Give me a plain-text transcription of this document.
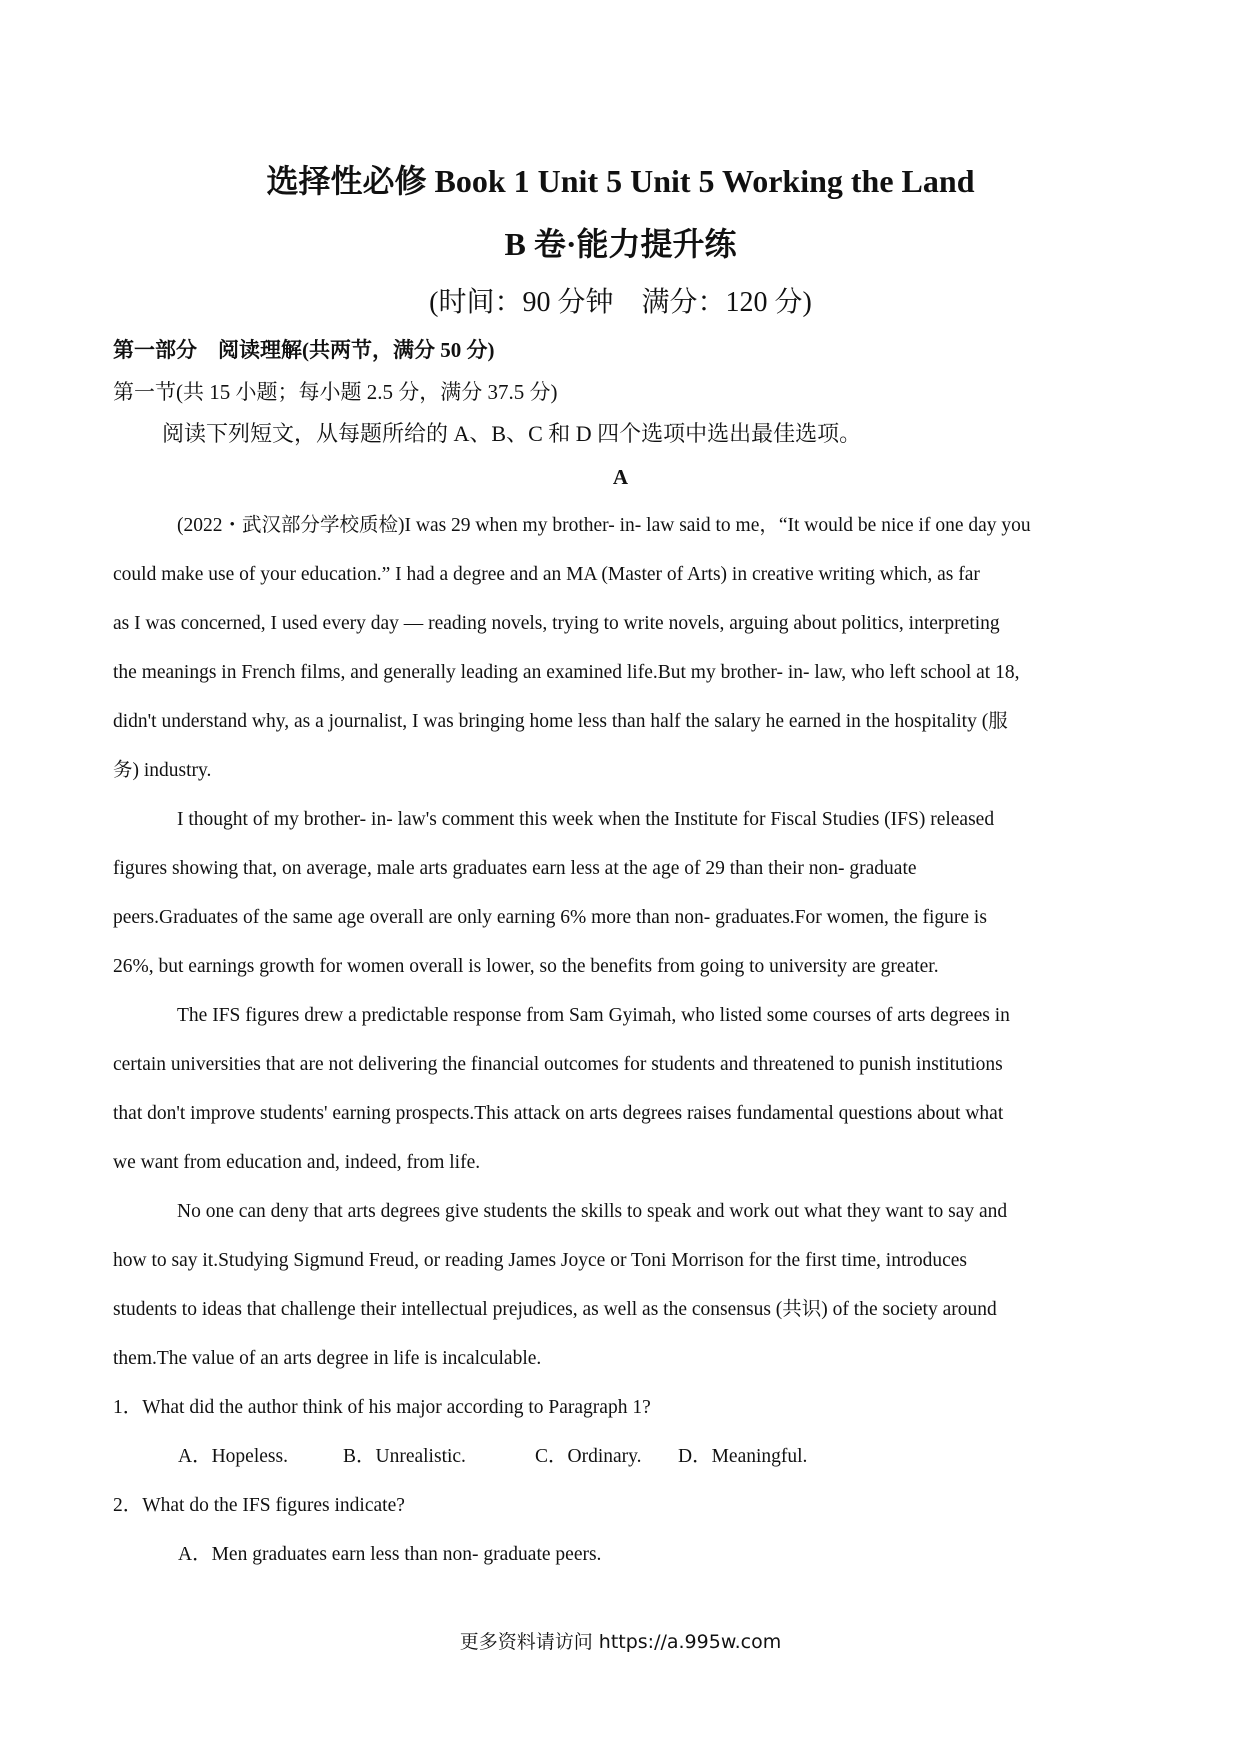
选择性必修 Book 1 Unit 5 Unit 5 Working the Land
B 卷·能力提升练
(时间：90 分钟　满分：120 分)
第一部分　阅读理解(共两节，满分 50 分)
第一节(共 15 小题；每小题 2.5 分，满分 37.5 分)
阅读下列短文，从每题所给的 A、B、C 和 D 四个选项中选出最佳选项。
A
(2022・武汉部分学校质检)I was 29 when my brother- in- law said to me，“It would be nice if one day you
could make use of your education.” I had a degree and an MA (Master of Arts) in creative writing which, as far
as I was concerned, I used every day — reading novels, trying to write novels, arguing about politics, interpreting
the meanings in French films, and generally leading an examined life.But my brother- in- law, who left school at 18,
didn't understand why, as a journalist, I was bringing home less than half the salary he earned in the hospitality (服
务) industry.
I thought of my brother- in- law's comment this week when the Institute for Fiscal Studies (IFS) released
figures showing that, on average, male arts graduates earn less at the age of 29 than their non- graduate
peers.Graduates of the same age overall are only earning 6% more than non- graduates.For women, the figure is
26%, but earnings growth for women overall is lower, so the benefits from going to university are greater.
The IFS figures drew a predictable response from Sam Gyimah, who listed some courses of arts degrees in
certain universities that are not delivering the financial outcomes for students and threatened to punish institutions
that don't improve students' earning prospects.This attack on arts degrees raises fundamental questions about what
we want from education and, indeed, from life.
No one can deny that arts degrees give students the skills to speak and work out what they want to say and
how to say it.Studying Sigmund Freud, or reading James Joyce or Toni Morrison for the first time, introduces
students to ideas that challenge their intellectual prejudices, as well as the consensus (共识) of the society around
them.The value of an arts degree in life is incalculable.
1．What did the author think of his major according to Paragraph 1?
A．Hopeless.	B．Unrealistic.	C．Ordinary. D．Meaningful.
2．What do the IFS figures indicate?
A．Men graduates earn less than non- graduate peers.
更多资料请访问 https://a.995w.com
